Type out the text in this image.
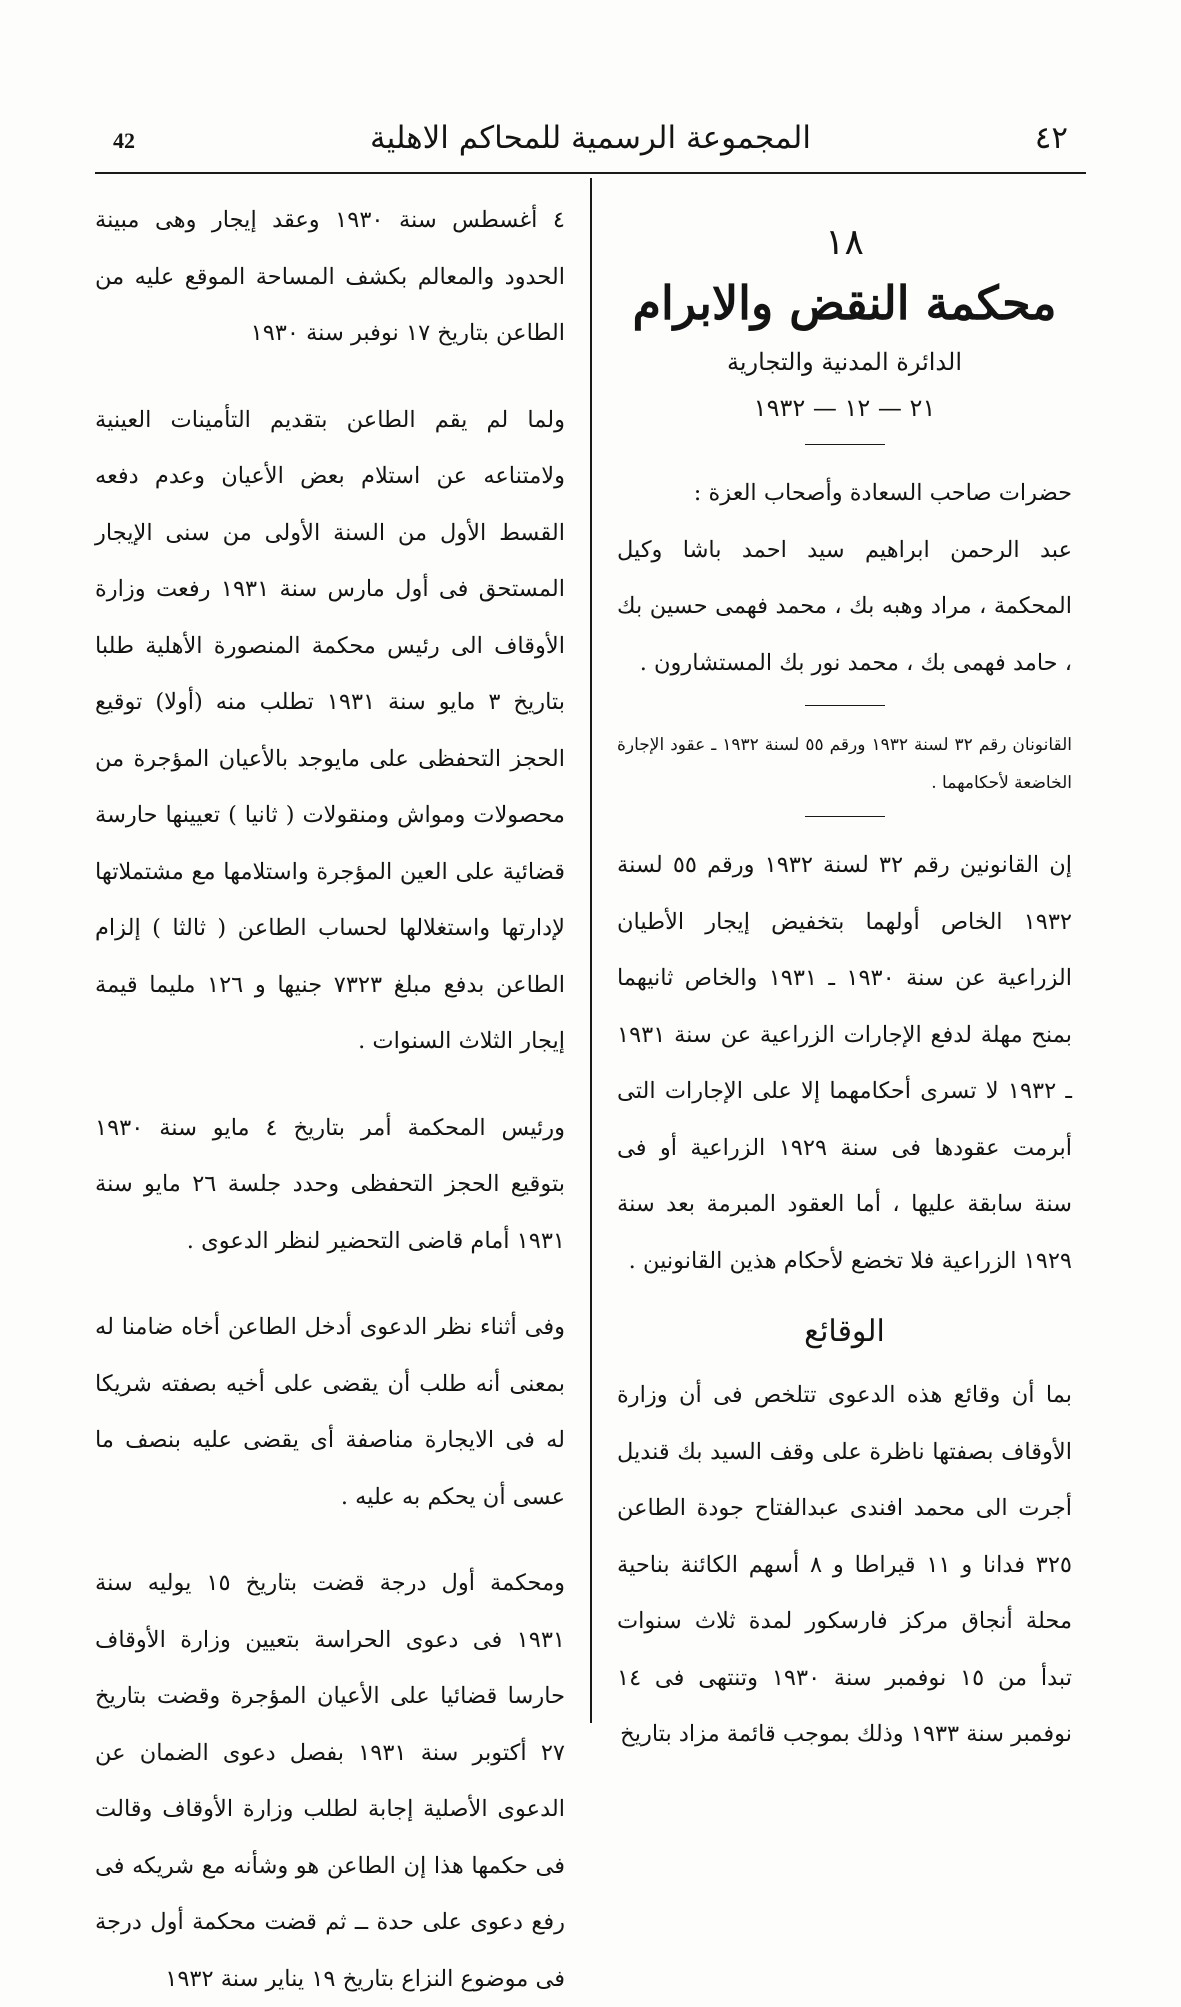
42	المجموعة الرسمية للمحاكم الاهلية	٤٢
١٨
محكمة النقض والابرام
الدائرة المدنية والتجارية
٢١ — ١٢ — ١٩٣٢

حضرات صاحب السعادة وأصحاب العزة :

عبد الرحمن ابراهيم سيد احمد باشا وكيل المحكمة ، مراد وهبه بك ، محمد فهمى حسين بك ، حامد فهمى بك ، محمد نور بك المستشارون .

القانونان رقم ٣٢ لسنة ١٩٣٢ ورقم ٥٥ لسنة ١٩٣٢ ـ عقود الإجارة الخاضعة لأحكامهما .

إن القانونين رقم ٣٢ لسنة ١٩٣٢ ورقم ٥٥ لسنة ١٩٣٢ الخاص أولهما بتخفيض إيجار الأطيان الزراعية عن سنة ١٩٣٠ ـ ١٩٣١ والخاص ثانيهما بمنح مهلة لدفع الإجارات الزراعية عن سنة ١٩٣١ ـ ١٩٣٢ لا تسرى أحكامهما إلا على الإجارات التى أبرمت عقودها فى سنة ١٩٢٩ الزراعية أو فى سنة سابقة عليها ، أما العقود المبرمة بعد سنة ١٩٢٩ الزراعية فلا تخضع لأحكام هذين القانونين .

الوقائع

بما أن وقائع هذه الدعوى تتلخص فى أن وزارة الأوقاف بصفتها ناظرة على وقف السيد بك قنديل أجرت الى محمد افندى عبدالفتاح جودة الطاعن ٣٢٥ فدانا و ١١ قيراطا و ٨ أسهم الكائنة بناحية محلة أنجاق مركز فارسكور لمدة ثلاث سنوات تبدأ من ١٥ نوفمبر سنة ١٩٣٠ وتنتهى فى ١٤ نوفمبر سنة ١٩٣٣ وذلك بموجب قائمة مزاد بتاريخ

٤ أغسطس سنة ١٩٣٠ وعقد إيجار وهى مبينة الحدود والمعالم بكشف المساحة الموقع عليه من الطاعن بتاريخ ١٧ نوفبر سنة ١٩٣٠

ولما لم يقم الطاعن بتقديم التأمينات العينية ولامتناعه عن استلام بعض الأعيان وعدم دفعه القسط الأول من السنة الأولى من سنى الإيجار المستحق فى أول مارس سنة ١٩٣١ رفعت وزارة الأوقاف الى رئيس محكمة المنصورة الأهلية طلبا بتاريخ ٣ مايو سنة ١٩٣١ تطلب منه (أولا) توقيع الحجز التحفظى على مايوجد بالأعيان المؤجرة من محصولات ومواش ومنقولات ( ثانيا ) تعيينها حارسة قضائية على العين المؤجرة واستلامها مع مشتملاتها لإدارتها واستغلالها لحساب الطاعن ( ثالثا ) إلزام الطاعن بدفع مبلغ ٧٣٢٣ جنيها و ١٢٦ مليما قيمة إيجار الثلاث السنوات .

ورئيس المحكمة أمر بتاريخ ٤ مايو سنة ١٩٣٠ بتوقيع الحجز التحفظى وحدد جلسة ٢٦ مايو سنة ١٩٣١ أمام قاضى التحضير لنظر الدعوى .

وفى أثناء نظر الدعوى أدخل الطاعن أخاه ضامنا له بمعنى أنه طلب أن يقضى على أخيه بصفته شريكا له فى الايجارة مناصفة أى يقضى عليه بنصف ما عسى أن يحكم به عليه .

ومحكمة أول درجة قضت بتاريخ ١٥ يوليه سنة ١٩٣١ فى دعوى الحراسة بتعيين وزارة الأوقاف حارسا قضائيا على الأعيان المؤجرة وقضت بتاريخ ٢٧ أكتوبر سنة ١٩٣١ بفصل دعوى الضمان عن الدعوى الأصلية إجابة لطلب وزارة الأوقاف وقالت فى حكمها هذا إن الطاعن هو وشأنه مع شريكه فى رفع دعوى على حدة ــ ثم قضت محكمة أول درجة فى موضوع النزاع بتاريخ ١٩ يناير سنة ١٩٣٢
